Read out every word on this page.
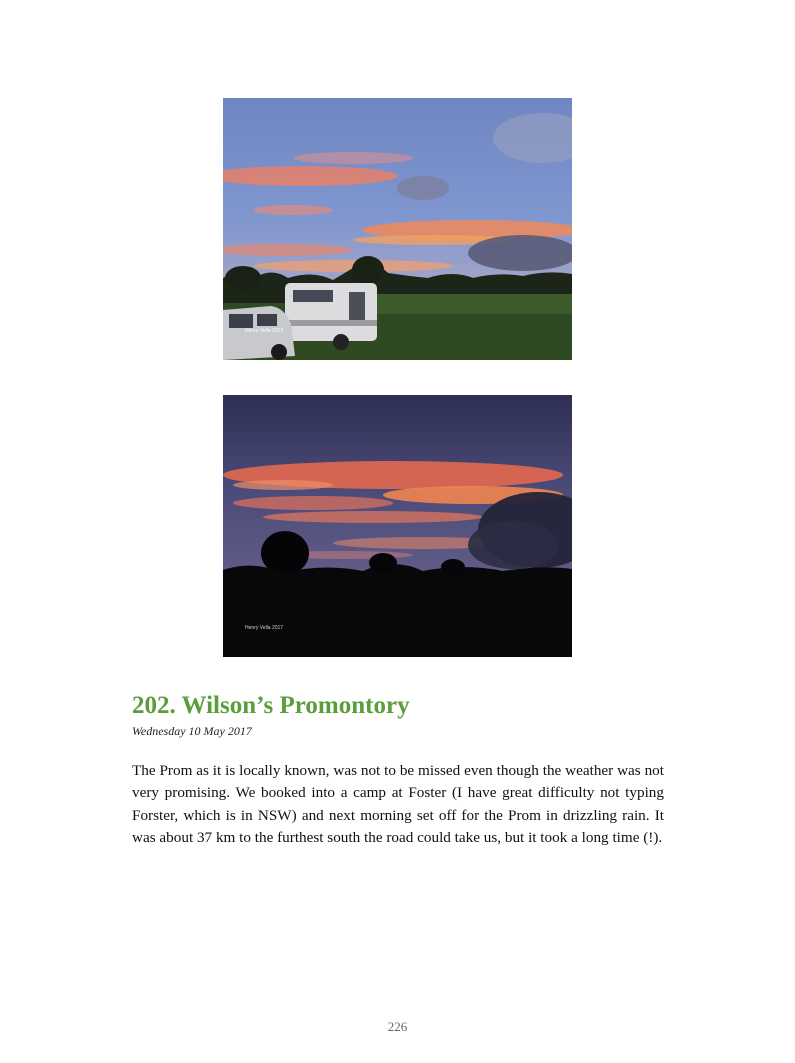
Henry Vella 2017
Henry Vella 2017
202. Wilson’s Promontory
Wednesday 10 May 2017

The Prom as it is locally known, was not to be missed even though the weather was not very promising. We booked into a camp at Foster (I have great difficulty not typing Forster, which is in NSW) and next morning set off for the Prom in drizzling rain. It was about 37 km to the furthest south the road could take us, but it took a long time (!).

226
